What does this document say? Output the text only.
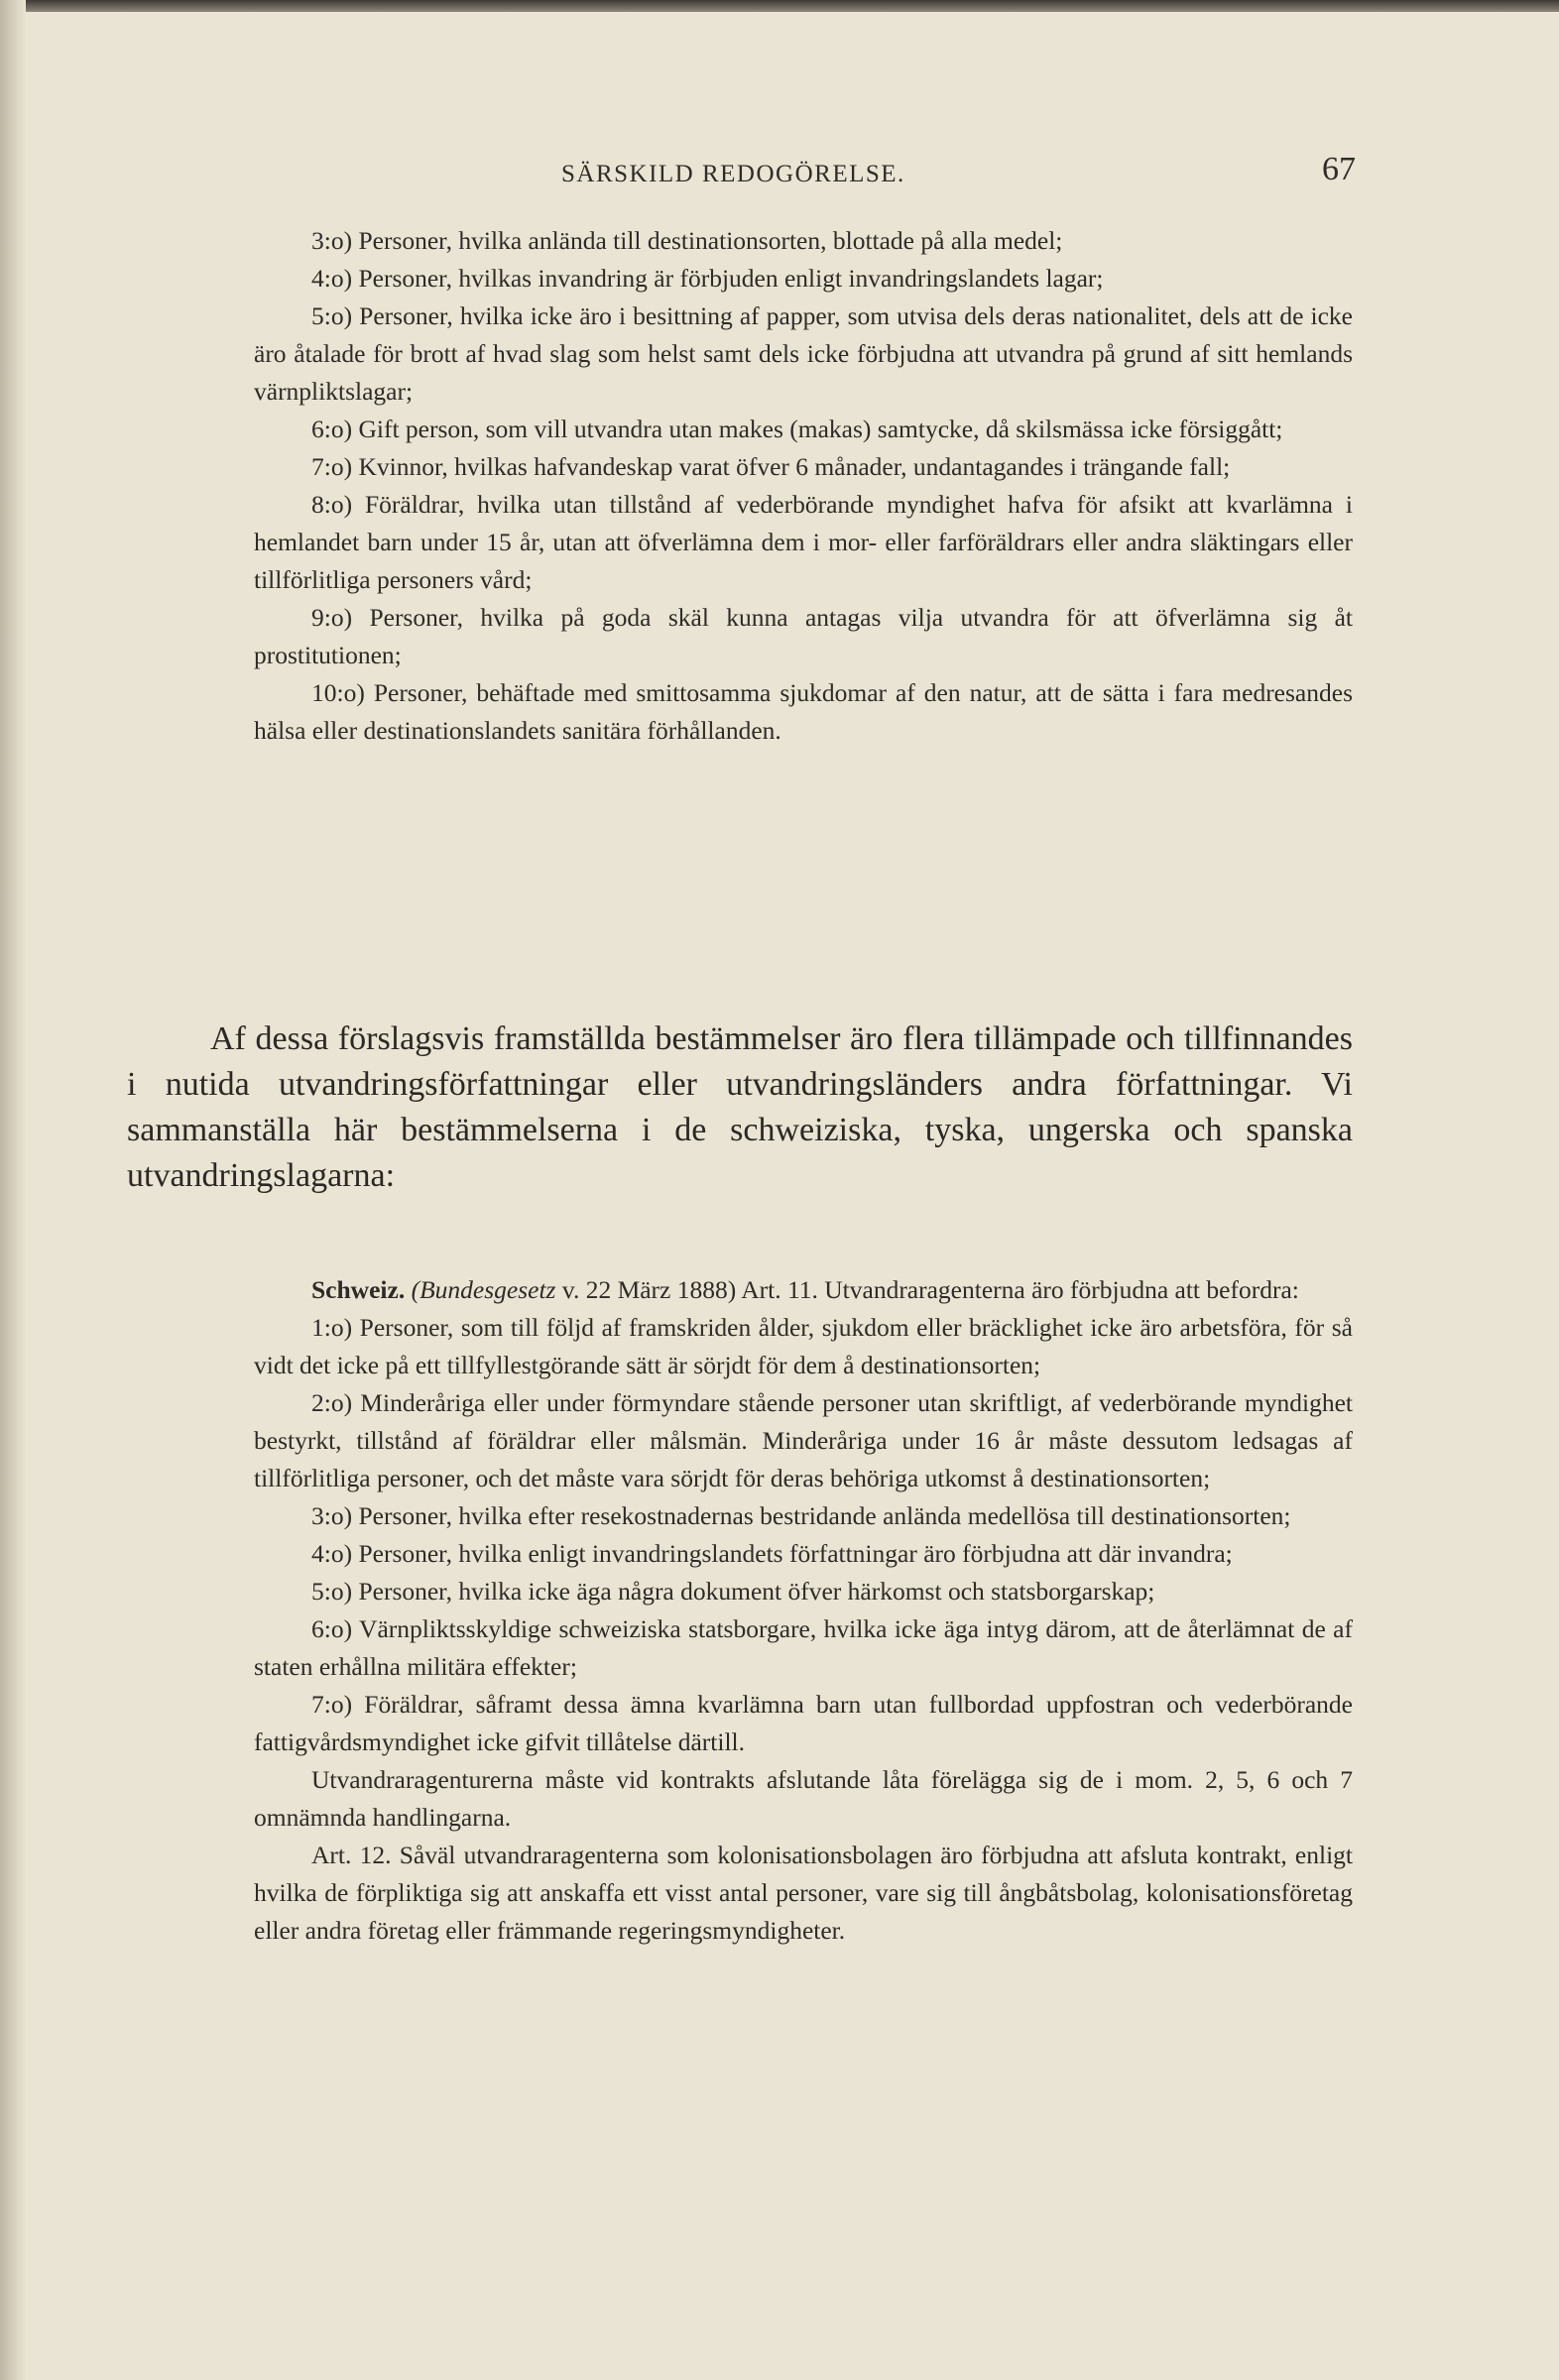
SÄRSKILD REDOGÖRELSE.	67

3:o) Personer, hvilka anlända till destinationsorten, blottade på alla medel;

4:o) Personer, hvilkas invandring är förbjuden enligt invandringslandets lagar;

5:o) Personer, hvilka icke äro i besittning af papper, som utvisa dels deras nationalitet, dels att de icke äro åtalade för brott af hvad slag som helst samt dels icke förbjudna att utvandra på grund af sitt hemlands värnpliktslagar;

6:o) Gift person, som vill utvandra utan makes (makas) samtycke, då skilsmässa icke försiggått;

7:o) Kvinnor, hvilkas hafvandeskap varat öfver 6 månader, undantagandes i trängande fall;

8:o) Föräldrar, hvilka utan tillstånd af vederbörande myndighet hafva för afsikt att kvarlämna i hemlandet barn under 15 år, utan att öfverlämna dem i mor- eller farföräldrars eller andra släktingars eller tillförlitliga personers vård;

9:o) Personer, hvilka på goda skäl kunna antagas vilja utvandra för att öfverlämna sig åt prostitutionen;

10:o) Personer, behäftade med smittosamma sjukdomar af den natur, att de sätta i fara medresandes hälsa eller destinationslandets sanitära förhållanden.

Af dessa förslagsvis framställda bestämmelser äro flera tillämpade och tillfinnandes i nutida utvandringsförfattningar eller utvandringsländers andra författningar. Vi sammanställa här bestämmelserna i de schweiziska, tyska, ungerska och spanska utvandringslagarna:

Schweiz. (Bundesgesetz v. 22 März 1888) Art. 11. Utvandraragenterna äro förbjudna att befordra:

1:o) Personer, som till följd af framskriden ålder, sjukdom eller bräcklighet icke äro arbetsföra, för så vidt det icke på ett tillfyllestgörande sätt är sörjdt för dem å destinationsorten;

2:o) Minderåriga eller under förmyndare stående personer utan skriftligt, af vederbörande myndighet bestyrkt, tillstånd af föräldrar eller målsmän. Minderåriga under 16 år måste dessutom ledsagas af tillförlitliga personer, och det måste vara sörjdt för deras behöriga utkomst å destinationsorten;

3:o) Personer, hvilka efter resekostnadernas bestridande anlända medellösa till destinationsorten;

4:o) Personer, hvilka enligt invandringslandets författningar äro förbjudna att där invandra;

5:o) Personer, hvilka icke äga några dokument öfver härkomst och statsborgarskap;

6:o) Värnpliktsskyldige schweiziska statsborgare, hvilka icke äga intyg därom, att de återlämnat de af staten erhållna militära effekter;

7:o) Föräldrar, såframt dessa ämna kvarlämna barn utan fullbordad uppfostran och vederbörande fattigvårdsmyndighet icke gifvit tillåtelse därtill.

Utvandraragenturerna måste vid kontrakts afslutande låta förelägga sig de i mom. 2, 5, 6 och 7 omnämnda handlingarna.

Art. 12. Såväl utvandraragenterna som kolonisationsbolagen äro förbjudna att afsluta kontrakt, enligt hvilka de förpliktiga sig att anskaffa ett visst antal personer, vare sig till ångbåtsbolag, kolonisationsföretag eller andra företag eller främmande regeringsmyndigheter.
